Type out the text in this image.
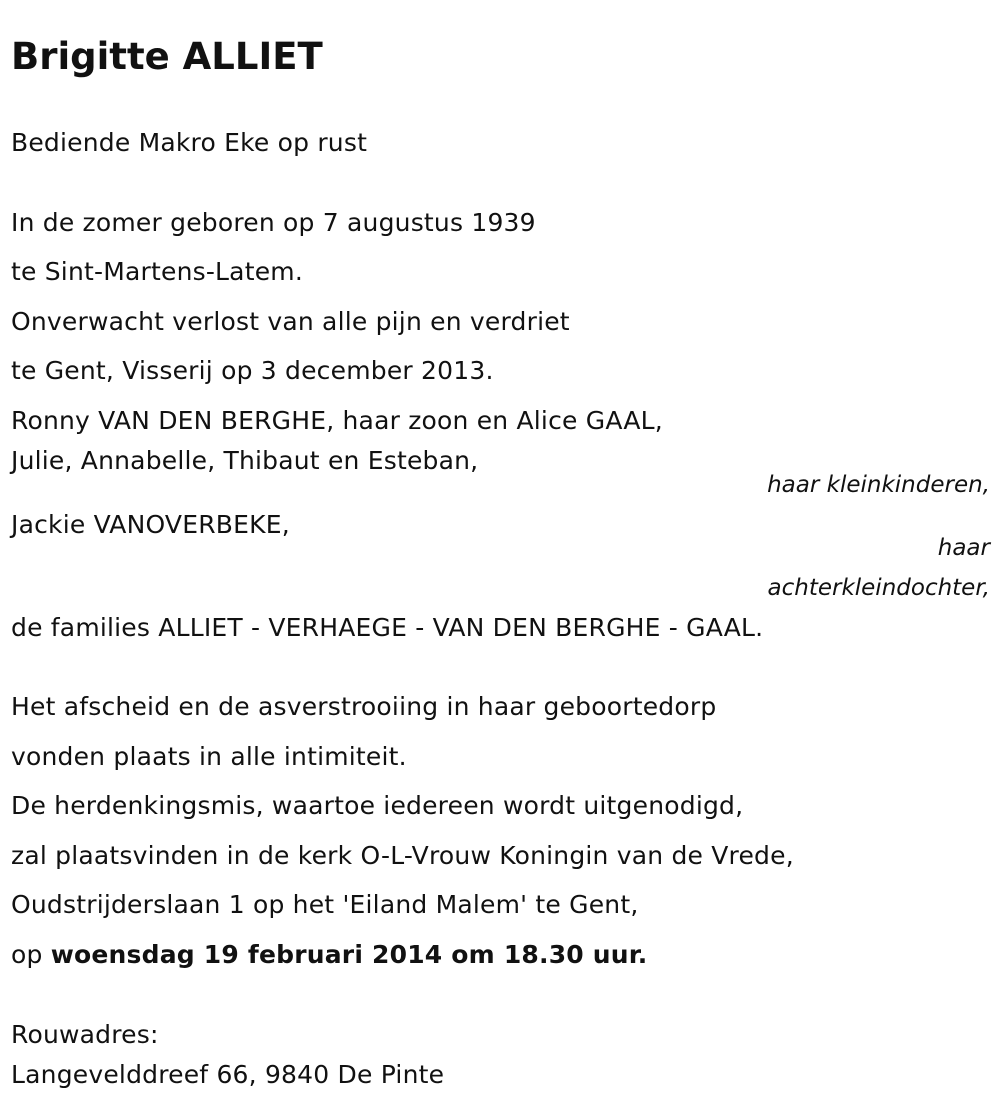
Brigitte ALLIET
Bediende Makro Eke op rust
In de zomer geboren op 7 augustus 1939
te Sint-Martens-Latem.
Onverwacht verlost van alle pijn en verdriet
te Gent, Visserij op 3 december 2013.
Ronny VAN DEN BERGHE, haar zoon en Alice GAAL,
Julie, Annabelle, Thibaut en Esteban,
haar kleinkinderen,
Jackie VANOVERBEKE,
haar
achterkleindochter,
de families ALLIET - VERHAEGE - VAN DEN BERGHE - GAAL.
Het afscheid en de asverstrooiing in haar geboortedorp
vonden plaats in alle intimiteit.
De herdenkingsmis, waartoe iedereen wordt uitgenodigd,
zal plaatsvinden in de kerk O-L-Vrouw Koningin van de Vrede,
Oudstrijderslaan 1 op het 'Eiland Malem' te Gent,
op woensdag 19 februari 2014 om 18.30 uur.
Rouwadres:
Langevelddreef 66, 9840 De Pinte
